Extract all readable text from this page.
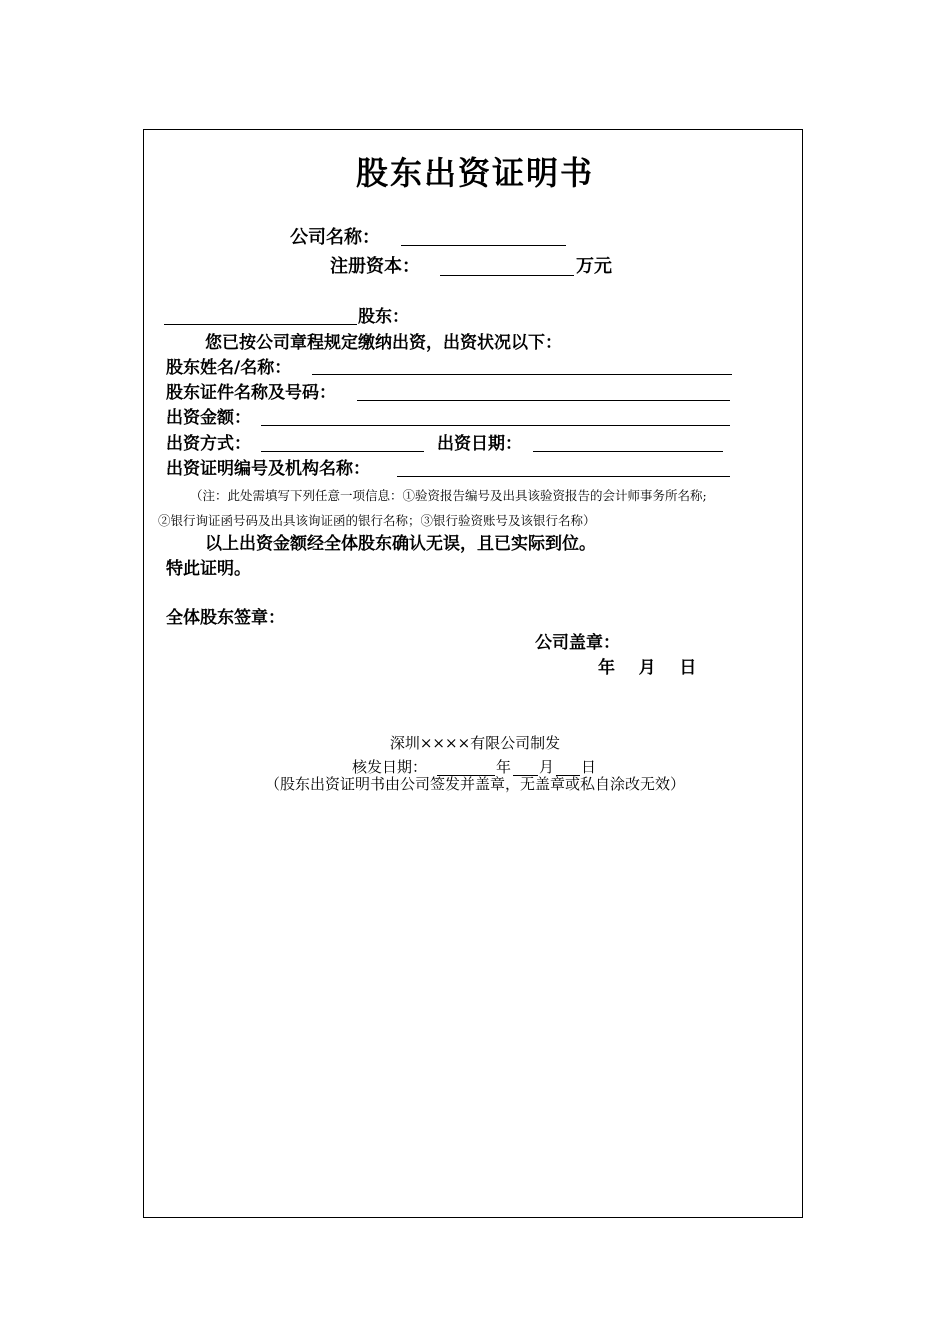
股东出资证明书
公司名称：
注册资本：	万元
股东：
您已按公司章程规定缴纳出资，出资状况以下：
股东姓名/名称：
股东证件名称及号码：
出资金额：
出资方式：	出资日期：
出资证明编号及机构名称：
（注：此处需填写下列任意一项信息：①验资报告编号及出具该验资报告的会计师事务所名称;
②银行询证函号码及出具该询证函的银行名称；③银行验资账号及该银行名称）
以上出资金额经全体股东确认无误，且已实际到位。
特此证明。
全体股东签章：
公司盖章：
年    月    日
深圳××××有限公司制发
核发日期：	年 月 日
（股东出资证明书由公司签发并盖章，无盖章或私自涂改无效）
